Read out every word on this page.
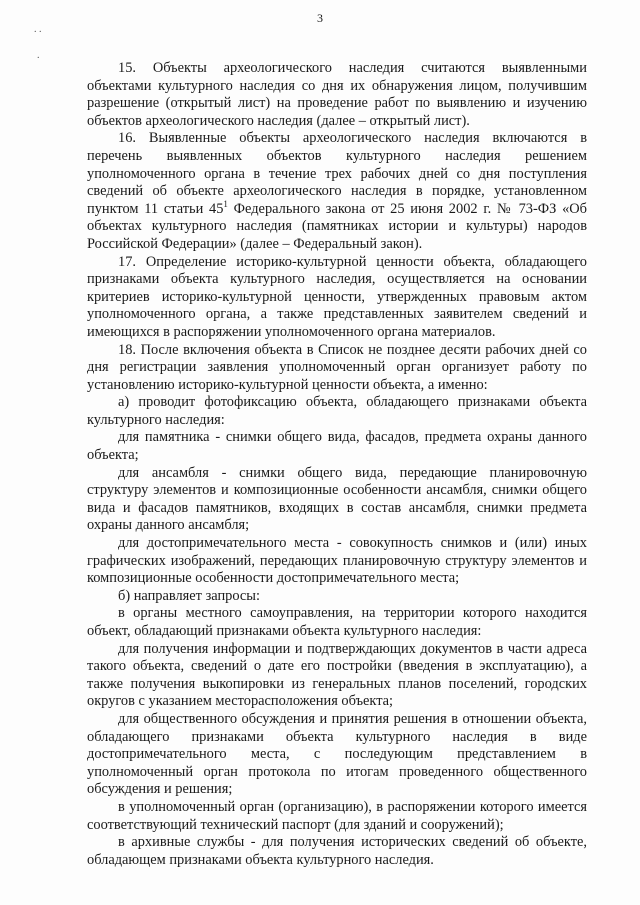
3
. .
.

15. Объекты археологического наследия считаются выявленными объектами культурного наследия со дня их обнаружения лицом, получившим разрешение (открытый лист) на проведение работ по выявлению и изучению объектов археологического наследия (далее – открытый лист).

16. Выявленные объекты археологического наследия включаются в перечень выявленных объектов культурного наследия решением уполномоченного органа в течение трех рабочих дней со дня поступления сведений об объекте археологического наследия в порядке, установленном пунктом 11 статьи $45^1$ Федерального закона от 25 июня 2002 г. № 73-ФЗ «Об объектах культурного наследия (памятниках истории и культуры) народов Российской Федерации» (далее – Федеральный закон).

17. Определение историко-культурной ценности объекта, обладающего признаками объекта культурного наследия, осуществляется на основании критериев историко-культурной ценности, утвержденных правовым актом уполномоченного органа, а также представленных заявителем сведений и имеющихся в распоряжении уполномоченного органа материалов.

18. После включения объекта в Список не позднее десяти рабочих дней со дня регистрации заявления уполномоченный орган организует работу по установлению историко-культурной ценности объекта, а именно:

а) проводит фотофиксацию объекта, обладающего признаками объекта культурного наследия:

для памятника - снимки общего вида, фасадов, предмета охраны данного объекта;

для ансамбля - снимки общего вида, передающие планировочную структуру элементов и композиционные особенности ансамбля, снимки общего вида и фасадов памятников, входящих в состав ансамбля, снимки предмета охраны данного ансамбля;

для достопримечательного места - совокупность снимков и (или) иных графических изображений, передающих планировочную структуру элементов и композиционные особенности достопримечательного места;

б) направляет запросы:

в органы местного самоуправления, на территории которого находится объект, обладающий признаками объекта культурного наследия:

для получения информации и подтверждающих документов в части адреса такого объекта, сведений о дате его постройки (введения в эксплуатацию), а также получения выкопировки из генеральных планов поселений, городских округов с указанием месторасположения объекта;

для общественного обсуждения и принятия решения в отношении объекта, обладающего признаками объекта культурного наследия в виде достопримечательного места, с последующим представлением в уполномоченный орган протокола по итогам проведенного общественного обсуждения и решения;

в уполномоченный орган (организацию), в распоряжении которого имеется соответствующий технический паспорт (для зданий и сооружений);

в архивные службы - для получения исторических сведений об объекте, обладающем признаками объекта культурного наследия.
